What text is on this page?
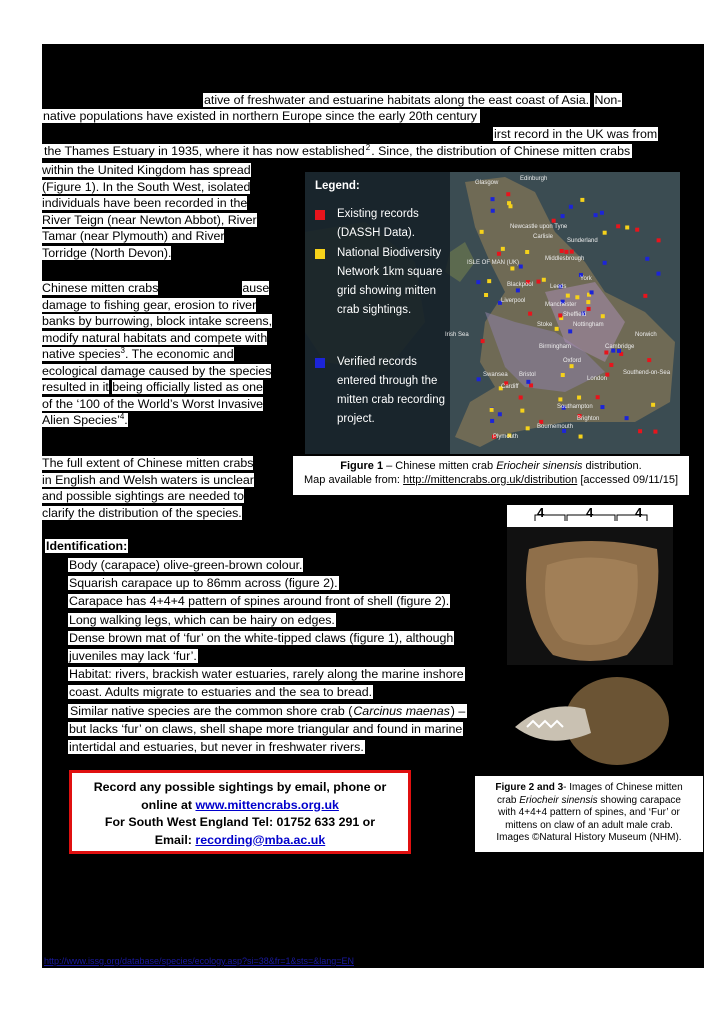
ative of freshwater and estuarine habitats along the east coast of Asia. Non-
native populations have existed in northern Europe since the early 20th century
irst record in the UK was from
the Thames Estuary in 1935, where it has now established$^2$. Since, the distribution of Chinese mitten crabs
within the United Kingdom has spread
(Figure 1). In the South West, isolated
individuals have been recorded in the
River Teign (near Newton Abbot), River
Tamar (near Plymouth) and River
Torridge (North Devon).
Chinese mitten crabs	ause
damage to fishing gear, erosion to river
banks by burrowing, block intake screens,
modify natural habitats and compete with
native species$^3$. The economic and
ecological damage caused by the species
resulted in it being officially listed as one
of the ‘100 of the World’s Worst Invasive
Alien Species’$^4$.
The full extent of Chinese mitten crabs
in English and Welsh waters is unclear
and possible sightings are needed to
clarify the distribution of the species.
Legend:
Existing records (DASSH Data).
National Biodiversity Network 1km square grid showing mitten crab sightings.
Verified records entered through the mitten crab recording project.
Glasgow
Edinburgh
Newcastle upon Tyne
Sunderland
Carlisle
Middlesbrough
ISLE OF MAN (UK)
Blackpool	Leeds
York
Liverpool
Manchester
Sheffield
Stoke	Nottingham
Birmingham
Norwich
Cardiff
Bristol
London
Southend-on-Sea
Southampton
Brighton
Bournemouth
Plymouth
Irish Sea
Swansea
Oxford
Cambridge
Figure 1 – Chinese mitten crab Eriocheir sinensis distribution.
Map available from: http://mittencrabs.org.uk/distribution [accessed 09/11/15]
Identification:
Body (carapace) olive-green-brown colour.
Squarish carapace up to 86mm across (figure 2).
Carapace has 4+4+4 pattern of spines around front of shell (figure 2).
Long walking legs, which can be hairy on edges.
Dense brown mat of ‘fur’ on the white-tipped claws (figure 1), although
juveniles may lack ‘fur’.
Habitat: rivers, brackish water estuaries, rarely along the marine inshore
coast. Adults migrate to estuaries and the sea to bread.
Similar native species are the common shore crab (Carcinus maenas) –
but lacks ‘fur’ on claws, shell shape more triangular and found in marine
intertidal and estuaries, but never in freshwater rivers.
Record any possible sightings by email, phone or
online at www.mittencrabs.org.uk
For South West England Tel: 01752 633 291 or
Email: recording@mba.ac.uk
4	4	4
Figure 2 and 3- Images of Chinese mitten
crab Eriocheir sinensis showing carapace
with 4+4+4 pattern of spines, and ‘Fur’ or
mittens on claw of an adult male crab.
Images ©Natural History Museum (NHM).
http://www.issg.org/database/species/ecology.asp?si=38&fr=1&sts=&lang=EN
